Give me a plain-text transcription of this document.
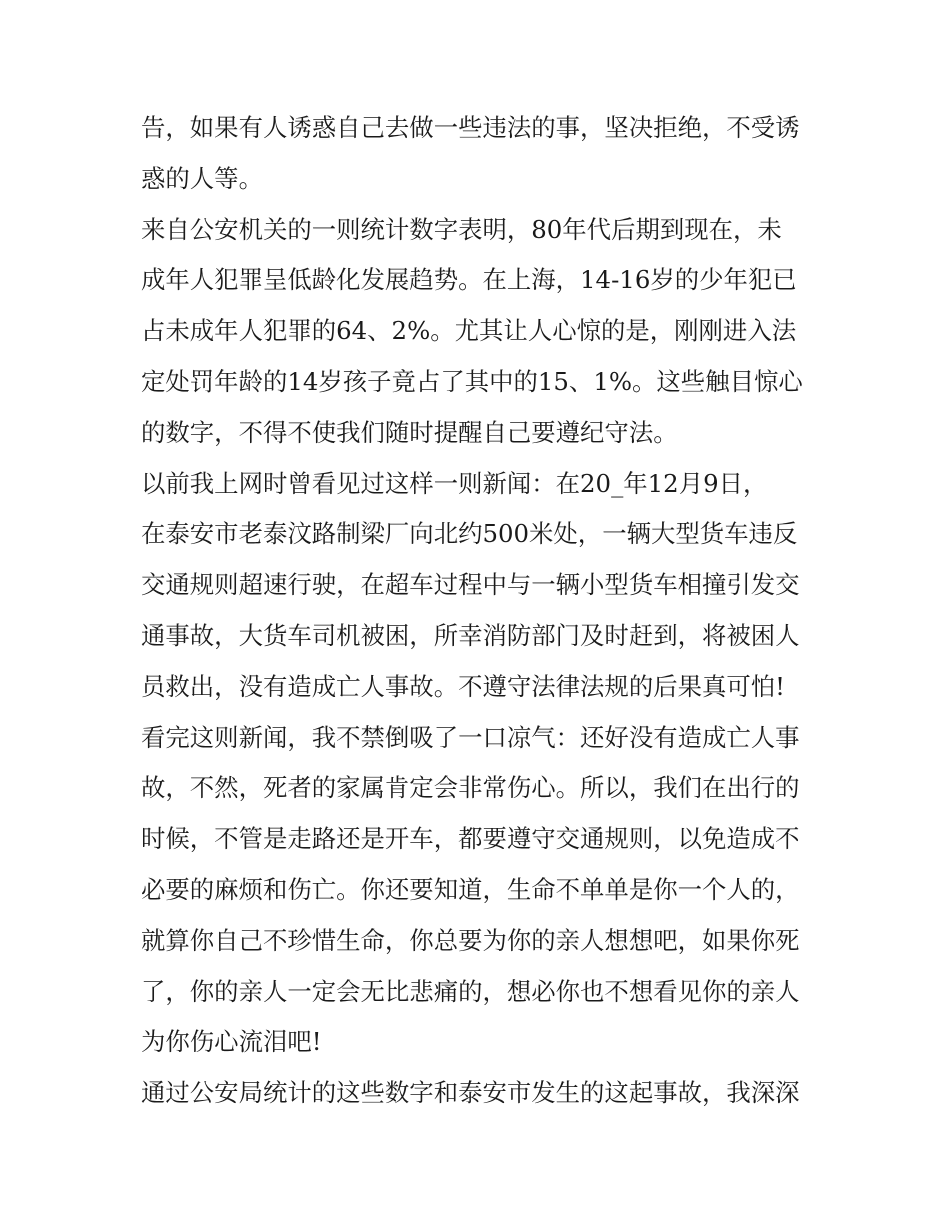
告，如果有人诱惑自己去做一些违法的事，坚决拒绝，不受诱
惑的人等。
来自公安机关的一则统计数字表明，80年代后期到现在，未
成年人犯罪呈低龄化发展趋势。在上海，14-16岁的少年犯已
占未成年人犯罪的64、2%。尤其让人心惊的是，刚刚进入法
定处罚年龄的14岁孩子竟占了其中的15、1%。这些触目惊心
的数字，不得不使我们随时提醒自己要遵纪守法。
以前我上网时曾看见过这样一则新闻：在20_年12月9日，
在泰安市老泰汶路制梁厂向北约500米处，一辆大型货车违反
交通规则超速行驶，在超车过程中与一辆小型货车相撞引发交
通事故，大货车司机被困，所幸消防部门及时赶到，将被困人
员救出，没有造成亡人事故。不遵守法律法规的后果真可怕!
看完这则新闻，我不禁倒吸了一口凉气：还好没有造成亡人事
故，不然，死者的家属肯定会非常伤心。所以，我们在出行的
时候，不管是走路还是开车，都要遵守交通规则，以免造成不
必要的麻烦和伤亡。你还要知道，生命不单单是你一个人的，
就算你自己不珍惜生命，你总要为你的亲人想想吧，如果你死
了，你的亲人一定会无比悲痛的，想必你也不想看见你的亲人
为你伤心流泪吧!
通过公安局统计的这些数字和泰安市发生的这起事故，我深深
